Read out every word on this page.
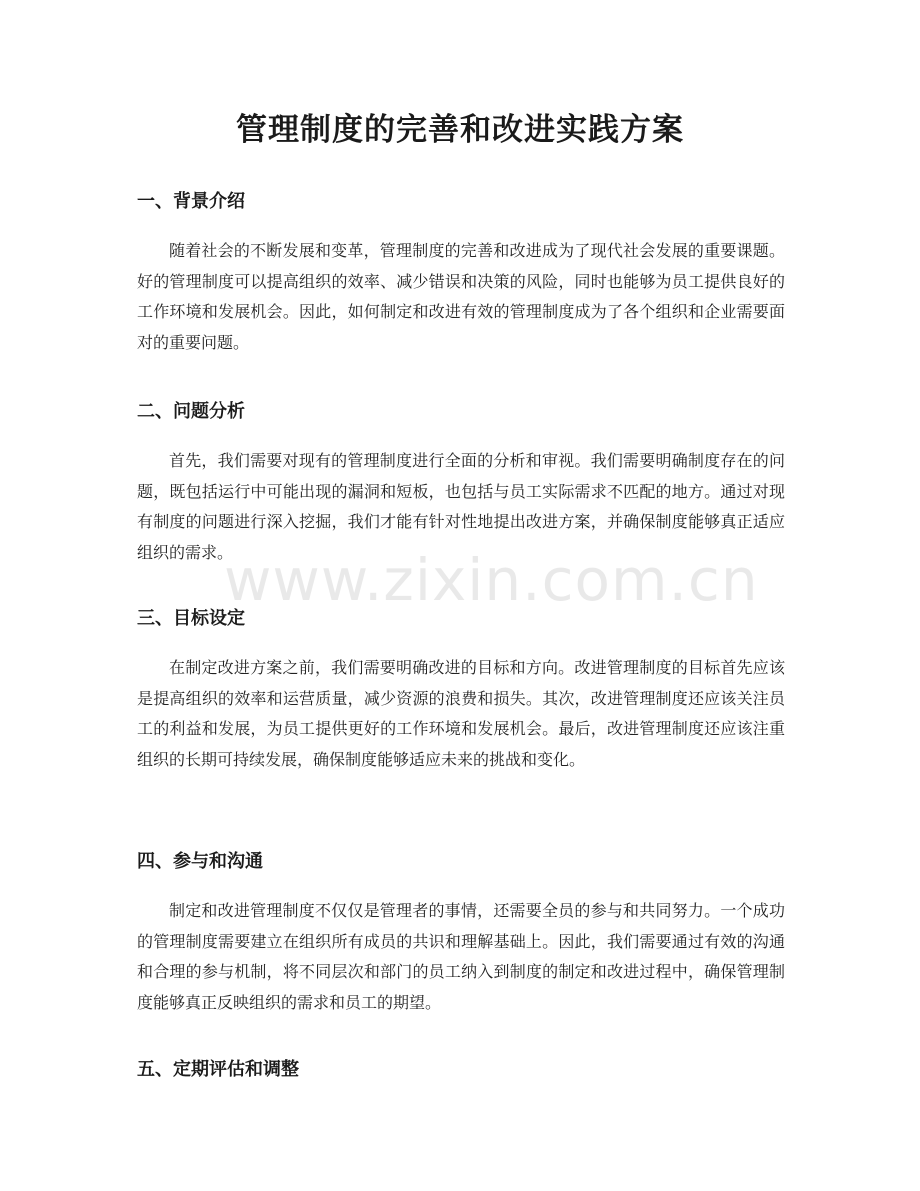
管理制度的完善和改进实践方案
一、背景介绍

随着社会的不断发展和变革，管理制度的完善和改进成为了现代社会发展的重要课题。好的管理制度可以提高组织的效率、减少错误和决策的风险，同时也能够为员工提供良好的工作环境和发展机会。因此，如何制定和改进有效的管理制度成为了各个组织和企业需要面对的重要问题。

二、问题分析

首先，我们需要对现有的管理制度进行全面的分析和审视。我们需要明确制度存在的问题，既包括运行中可能出现的漏洞和短板，也包括与员工实际需求不匹配的地方。通过对现有制度的问题进行深入挖掘，我们才能有针对性地提出改进方案，并确保制度能够真正适应组织的需求。

三、目标设定

在制定改进方案之前，我们需要明确改进的目标和方向。改进管理制度的目标首先应该是提高组织的效率和运营质量，减少资源的浪费和损失。其次，改进管理制度还应该关注员工的利益和发展，为员工提供更好的工作环境和发展机会。最后，改进管理制度还应该注重组织的长期可持续发展，确保制度能够适应未来的挑战和变化。

四、参与和沟通

制定和改进管理制度不仅仅是管理者的事情，还需要全员的参与和共同努力。一个成功的管理制度需要建立在组织所有成员的共识和理解基础上。因此，我们需要通过有效的沟通和合理的参与机制，将不同层次和部门的员工纳入到制度的制定和改进过程中，确保管理制度能够真正反映组织的需求和员工的期望。

五、定期评估和调整
www.zixin.com.cn
